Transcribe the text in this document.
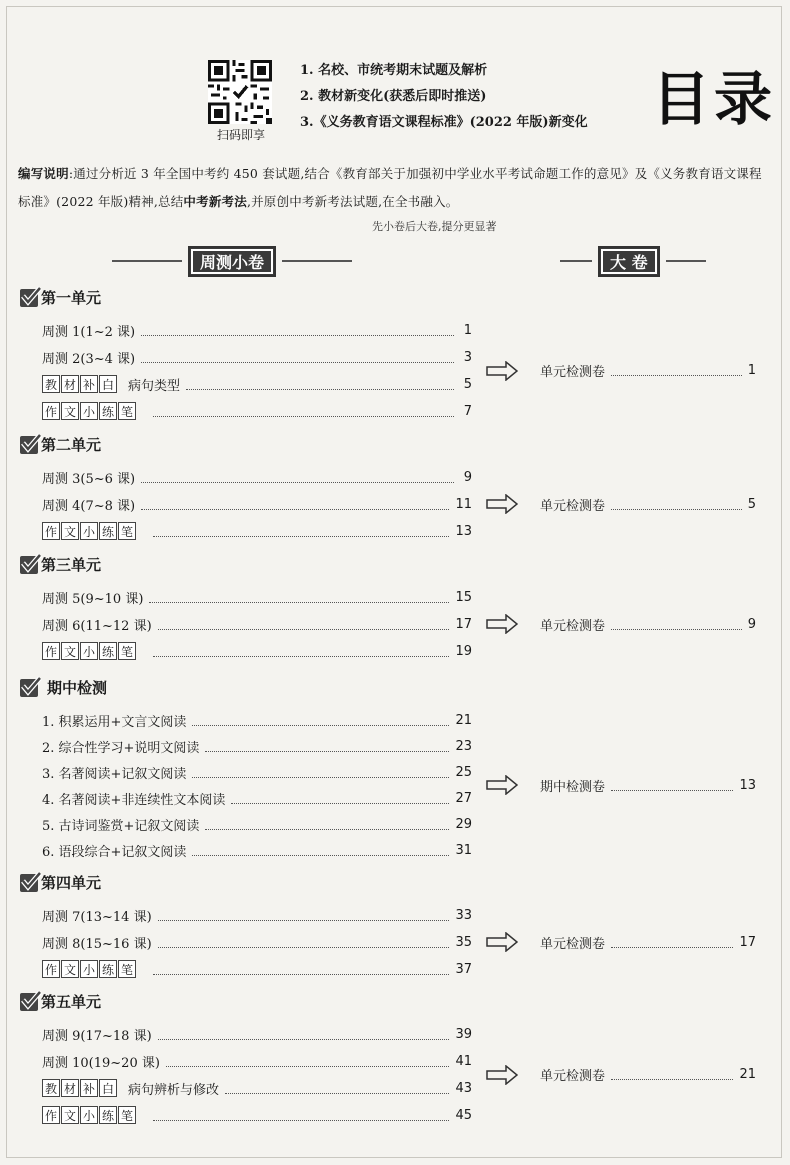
扫码即享
1. 名校、市统考期末试题及解析
2. 教材新变化(获悉后即时推送)
3.《义务教育语文课程标准》(2022 年版)新变化 目录
编写说明:通过分析近 3 年全国中考约 450 套试题,结合《教育部关于加强初中学业水平考试命题工作的意见》及《义务教育语文课程标准》(2022 年版)精神,总结中考新考法,并原创中考新考法试题,在全书融入。
先小卷后大卷,提分更显著
周测小卷	大 卷
第一单元
周测 1(1~2 课)	1
周测 2(3~4 课)	3
教 材 补 白 病句类型	5
作 文 小 练 笔	7
单元检测卷	1
第二单元
周测 3(5~6 课)	9
周测 4(7~8 课)	11
作 文 小 练 笔	13
单元检测卷	5
第三单元
周测 5(9~10 课)	15
周测 6(11~12 课)	17
作 文 小 练 笔	19
单元检测卷	9
期中检测
1. 积累运用+文言文阅读	21
2. 综合性学习+说明文阅读	23
3. 名著阅读+记叙文阅读	25
4. 名著阅读+非连续性文本阅读	27
5. 古诗词鉴赏+记叙文阅读	29
6. 语段综合+记叙文阅读	31
期中检测卷	13
第四单元
周测 7(13~14 课)	33
周测 8(15~16 课)	35
作 文 小 练 笔	37
单元检测卷	17
第五单元
周测 9(17~18 课)	39
周测 10(19~20 课)	41
教 材 补 白 病句辨析与修改	43
作 文 小 练 笔	45
单元检测卷	21
